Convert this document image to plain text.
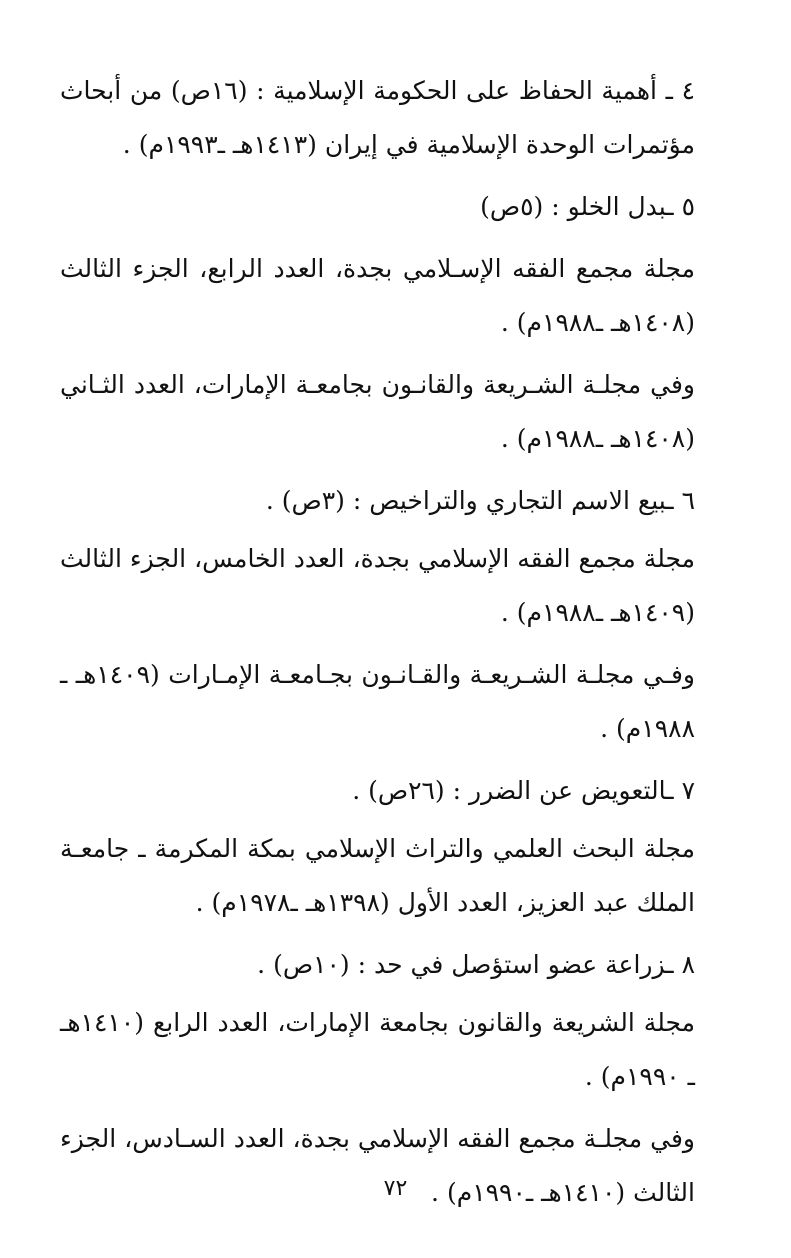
٤ ـ أهمية الحفاظ على الحكومة الإسلامية : (١٦ص) من أبحاث مؤتمرات الوحدة الإسلامية في إيران (١٤١٣هـ ـ١٩٩٣م) .

٥ ـبدل الخلو : (٥ص)

مجلة مجمع الفقه الإسـلامي بجدة، العدد الرابع، الجزء الثالث (١٤٠٨هـ ـ١٩٨٨م) .

وفي مجلـة الشـريعة والقانـون بجامعـة الإمارات، العدد الثـاني (١٤٠٨هـ ـ١٩٨٨م) .

٦ ـبيع الاسم التجاري والتراخيص : (٣ص) .

مجلة مجمع الفقه الإسلامي بجدة، العدد الخامس، الجزء الثالث (١٤٠٩هـ ـ١٩٨٨م) .

وفـي مجلـة الشـريعـة والقـانـون بجـامعـة الإمـارات (١٤٠٩هـ ـ ١٩٨٨م) .

٧ ـالتعويض عن الضرر : (٢٦ص) .

مجلة البحث العلمي والتراث الإسلامي بمكة المكرمة ـ جامعـة الملك عبد العزيز، العدد الأول (١٣٩٨هـ ـ١٩٧٨م) .

٨ ـزراعة عضو استؤصل في حد : (١٠ص) .

مجلة الشريعة والقانون بجامعة الإمارات، العدد الرابع (١٤١٠هـ ـ ١٩٩٠م) .

وفي مجلـة مجمع الفقه الإسلامي بجدة، العدد السـادس، الجزء الثالث (١٤١٠هـ ـ١٩٩٠م) .

٧٢
